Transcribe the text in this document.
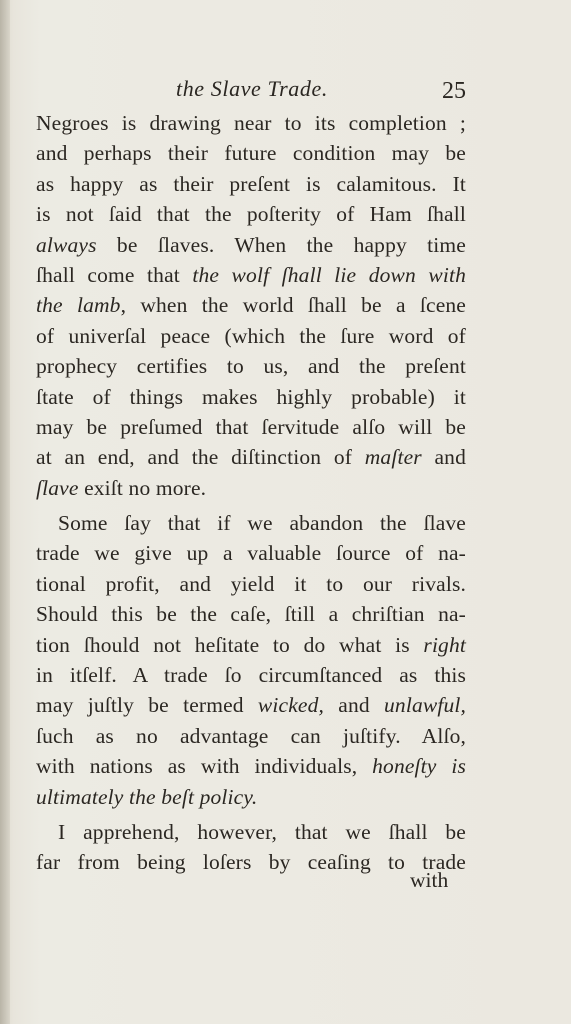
the Slave Trade.	25
Negroes is drawing near to its completion ;
and perhaps their future condition may be
as happy as their preſent is calamitous. It
is not ſaid that the poſterity of Ham ſhall
always be ſlaves. When the happy time
ſhall come that the wolf ſhall lie down with
the lamb, when the world ſhall be a ſcene
of univerſal peace (which the ſure word of
prophecy certifies to us, and the preſent
ſtate of things makes highly probable) it
may be preſumed that ſervitude alſo will be
at an end, and the diſtinction of maſter and
ſlave exiſt no more.
Some ſay that if we abandon the ſlave
trade we give up a valuable ſource of na-
tional profit, and yield it to our rivals.
Should this be the caſe, ſtill a chriſtian na-
tion ſhould not heſitate to do what is right
in itſelf. A trade ſo circumſtanced as this
may juſtly be termed wicked, and unlawful,
ſuch as no advantage can juſtify. Alſo,
with nations as with individuals, honeſty is
ultimately the beſt policy.
I apprehend, however, that we ſhall be
far from being loſers by ceaſing to trade
with
